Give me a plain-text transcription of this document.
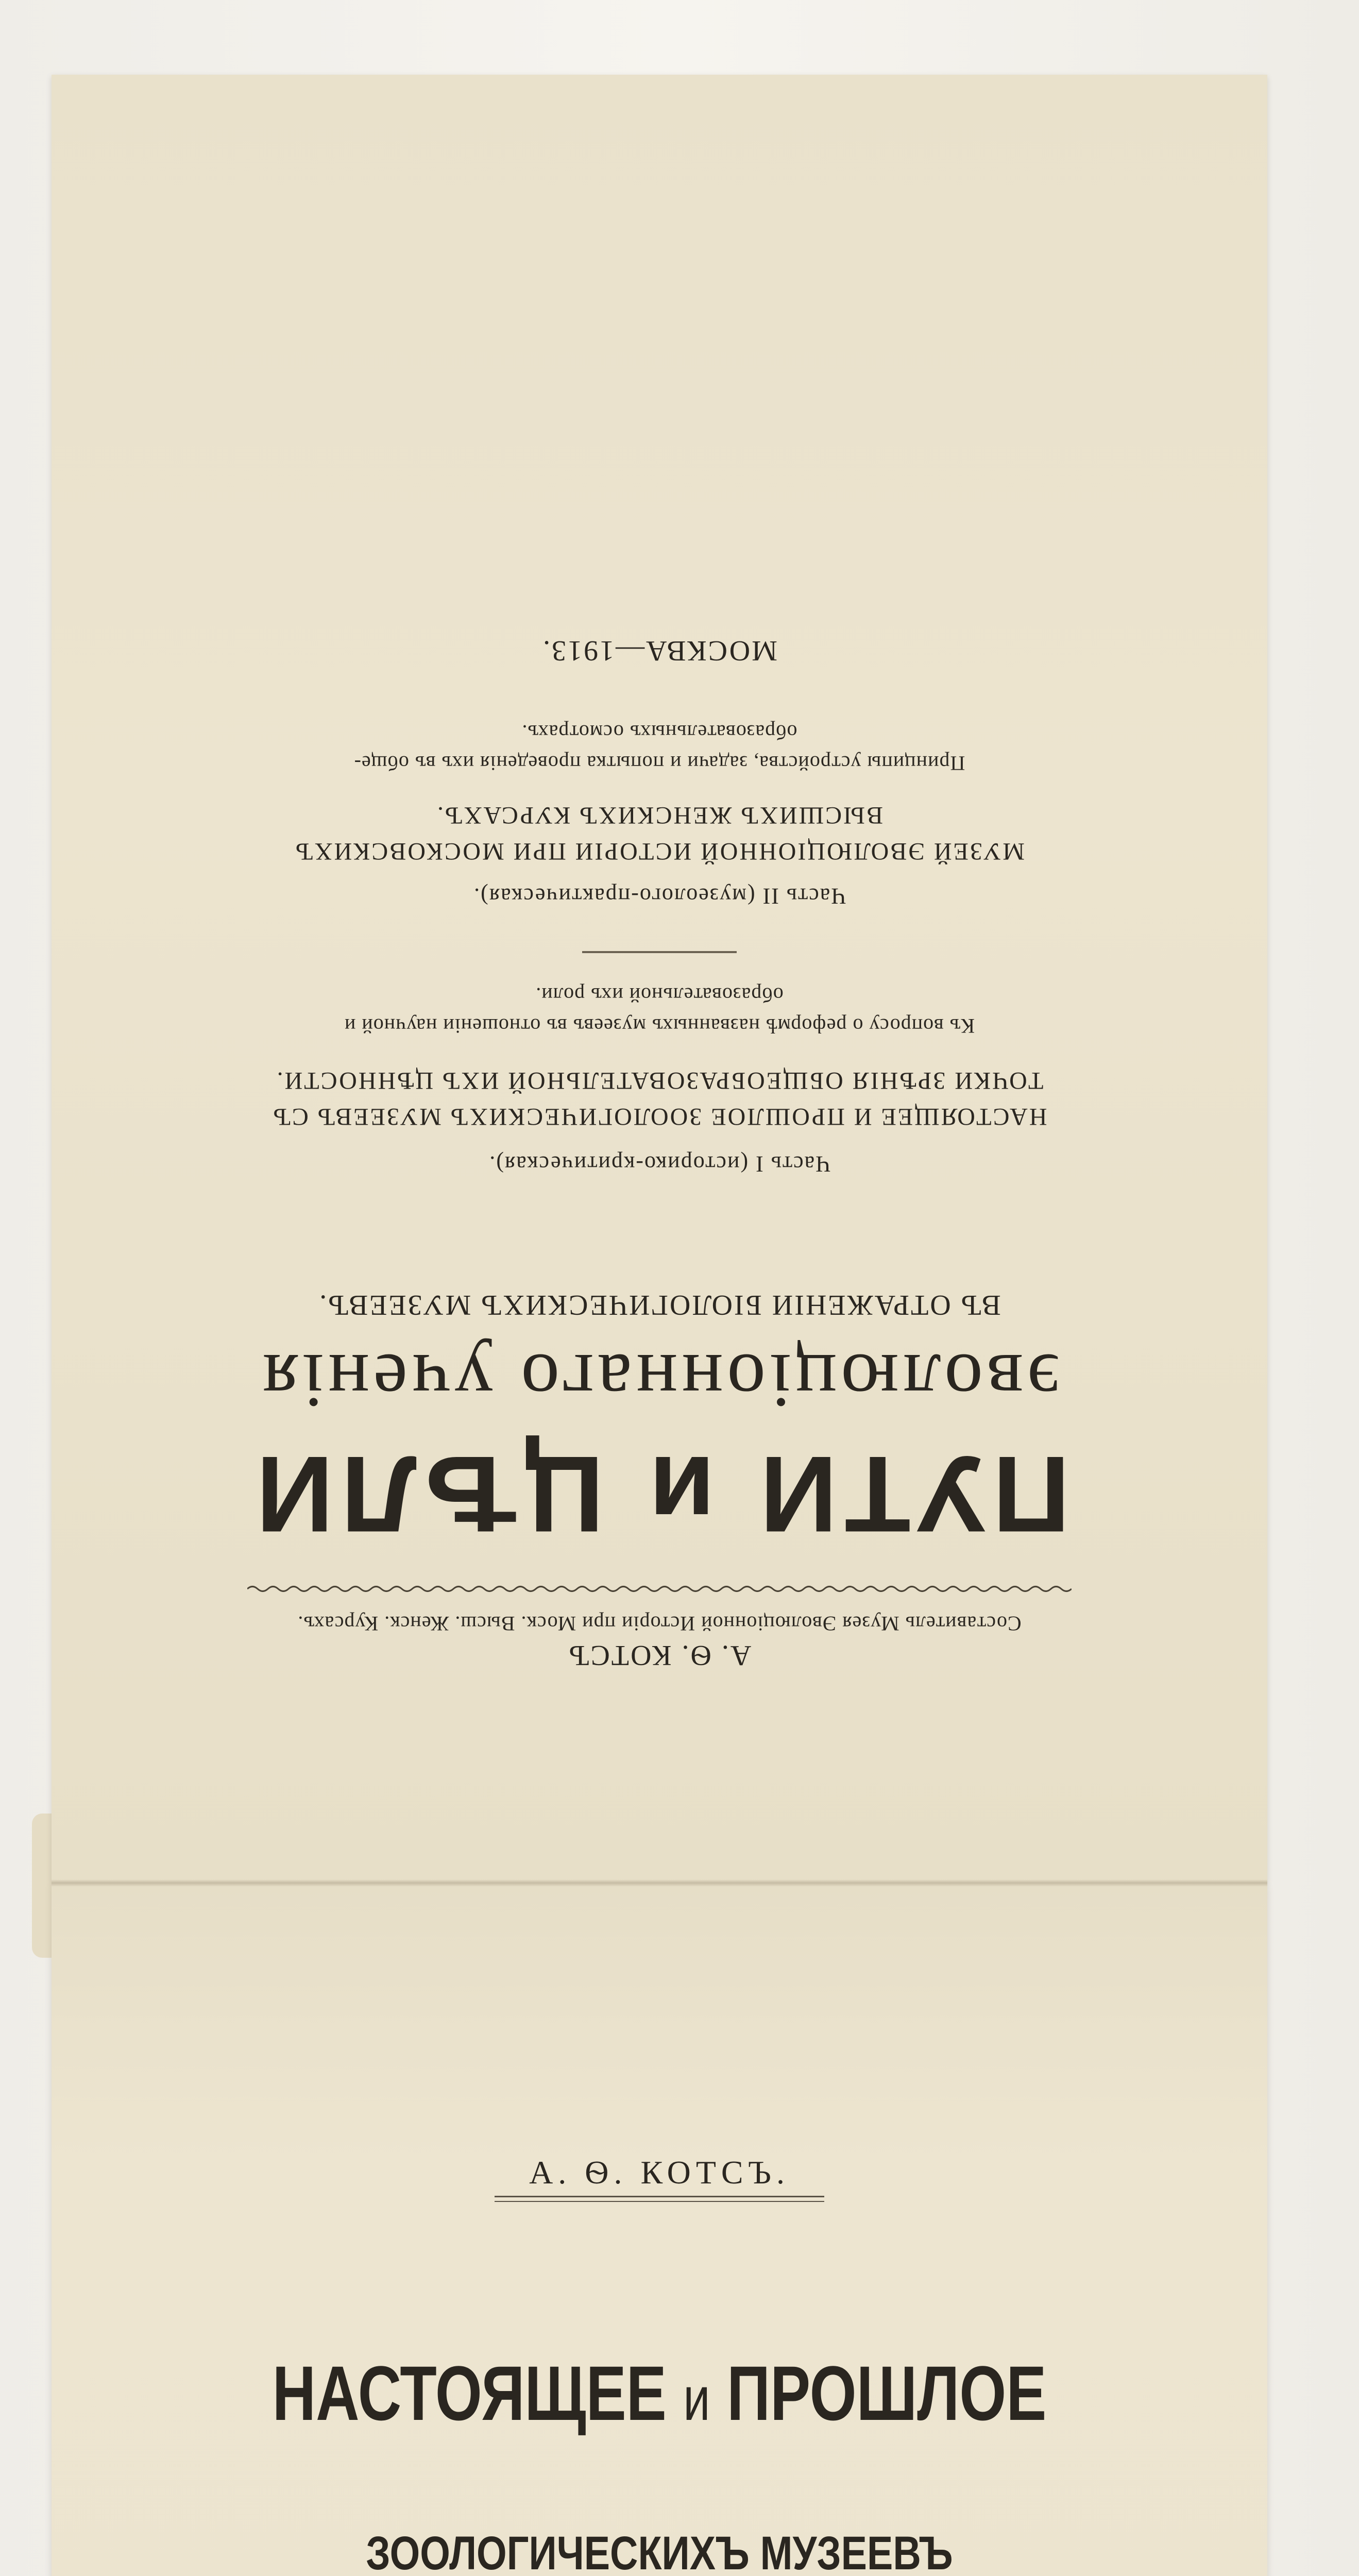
А. Ѳ. КОТСЪ
Составитель Музея Эволюціонной Исторіи при Моск. Высш. Женск. Курсахъ.
ПУТИ и ЦѢЛИ
эволюціоннаго ученія
ВЪ ОТРАЖЕНІИ БІОЛОГИЧЕСКИХЪ МУЗЕЕВЪ.
Часть I (историко-критическая).
НАСТОЯЩЕЕ И ПРОШЛОЕ ЗООЛОГИЧЕСКИХЪ МУЗЕЕВЪ СЪ
ТОЧКИ ЗРѢНІЯ ОБЩЕОБРАЗОВАТЕЛЬНОЙ ИХЪ ЦѢННОСТИ.
Къ вопросу о реформѣ названныхъ музеевъ въ отношеніи научной и
образовательной ихъ роли.
Часть II (музеолого-практическая).
МУЗЕЙ ЭВОЛЮЦІОННОЙ ИСТОРІИ ПРИ МОСКОВСКИХЪ
ВЫСШИХЪ ЖЕНСКИХЪ КУРСАХЪ.
Принципы устройства, задачи и попытка проведенія ихъ въ обще-
образовательныхъ осмотрахъ.
МОСКВА—1913.
А. Ѳ. КОТСЪ.
НАСТОЯЩЕЕ и ПРОШЛОЕ
ЗООЛОГИЧЕСКИХЪ МУЗЕЕВЪ
